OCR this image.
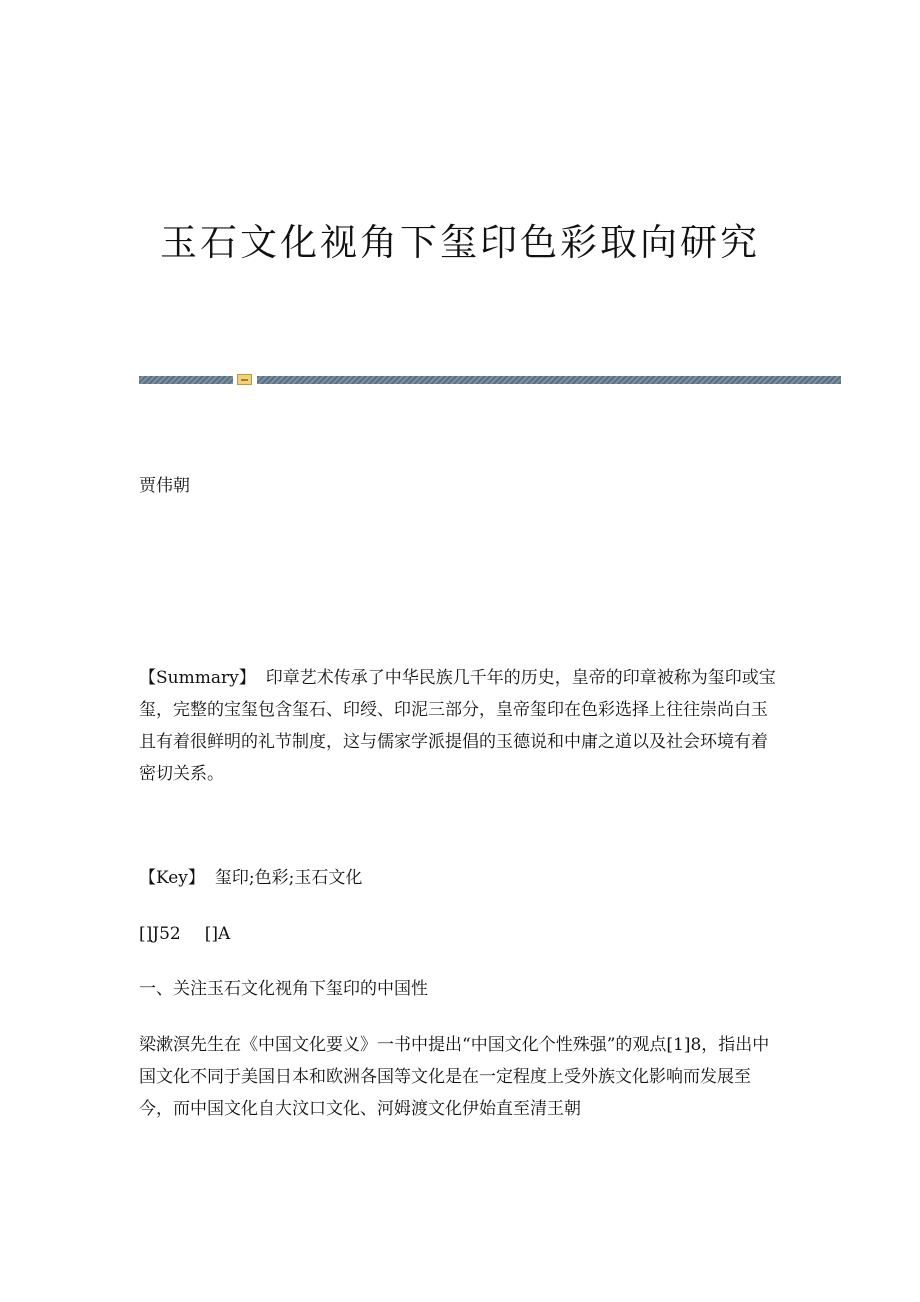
玉石文化视角下玺印色彩取向研究
贾伟朝

【Summary】 印章艺术传承了中华民族几千年的历史，皇帝的印章被称为玺印或宝玺，完整的宝玺包含玺石、印绶、印泥三部分，皇帝玺印在色彩选择上往往崇尚白玉且有着很鲜明的礼节制度，这与儒家学派提倡的玉德说和中庸之道以及社会环境有着密切关系。

【Key】 玺印;色彩;玉石文化

[]J52 []A

一、关注玉石文化视角下玺印的中国性

梁漱溟先生在《中国文化要义》一书中提出“中国文化个性殊强”的观点[1]8，指出中国文化不同于美国日本和欧洲各国等文化是在一定程度上受外族文化影响而发展至今，而中国文化自大汶口文化、河姆渡文化伊始直至清王朝
